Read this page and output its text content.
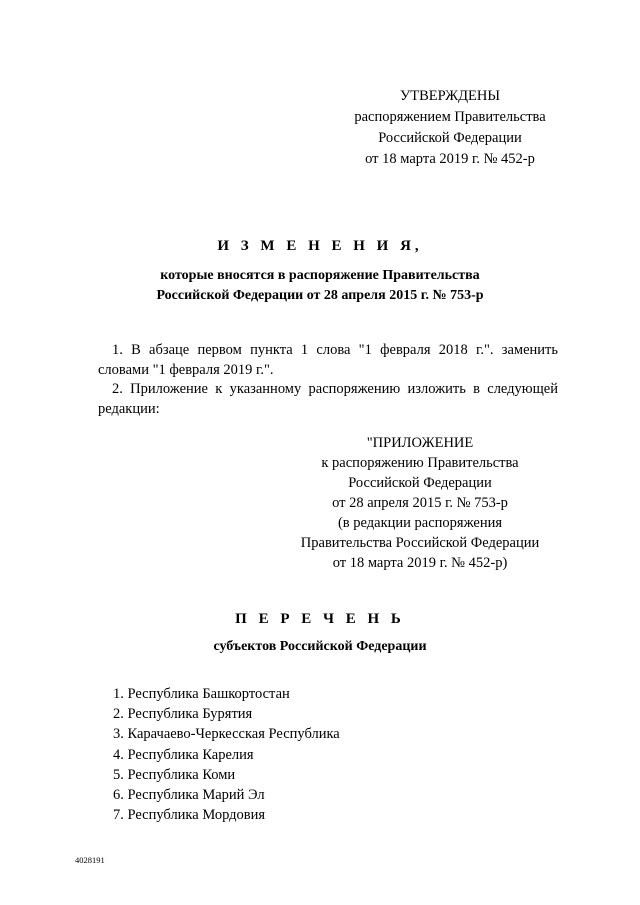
УТВЕРЖДЕНЫ
распоряжением Правительства
Российской Федерации
от 18 марта 2019 г. № 452-р
И З М Е Н Е Н И Я,
которые вносятся в распоряжение Правительства
Российской Федерации от 28 апреля 2015 г. № 753-р
1. В абзаце первом пункта 1 слова "1 февраля 2018 г.". заменить
словами "1 февраля 2019 г.".
2. Приложение к указанному распоряжению изложить в следующей
редакции:
"ПРИЛОЖЕНИЕ
к распоряжению Правительства
Российской Федерации
от 28 апреля 2015 г. № 753-р
(в редакции распоряжения
Правительства Российской Федерации
от 18 марта 2019 г. № 452-р)
П Е Р Е Ч Е Н Ь
субъектов Российской Федерации
1. Республика Башкортостан
2. Республика Бурятия
3. Карачаево-Черкесская Республика
4. Республика Карелия
5. Республика Коми
6. Республика Марий Эл
7. Республика Мордовия
4028191
